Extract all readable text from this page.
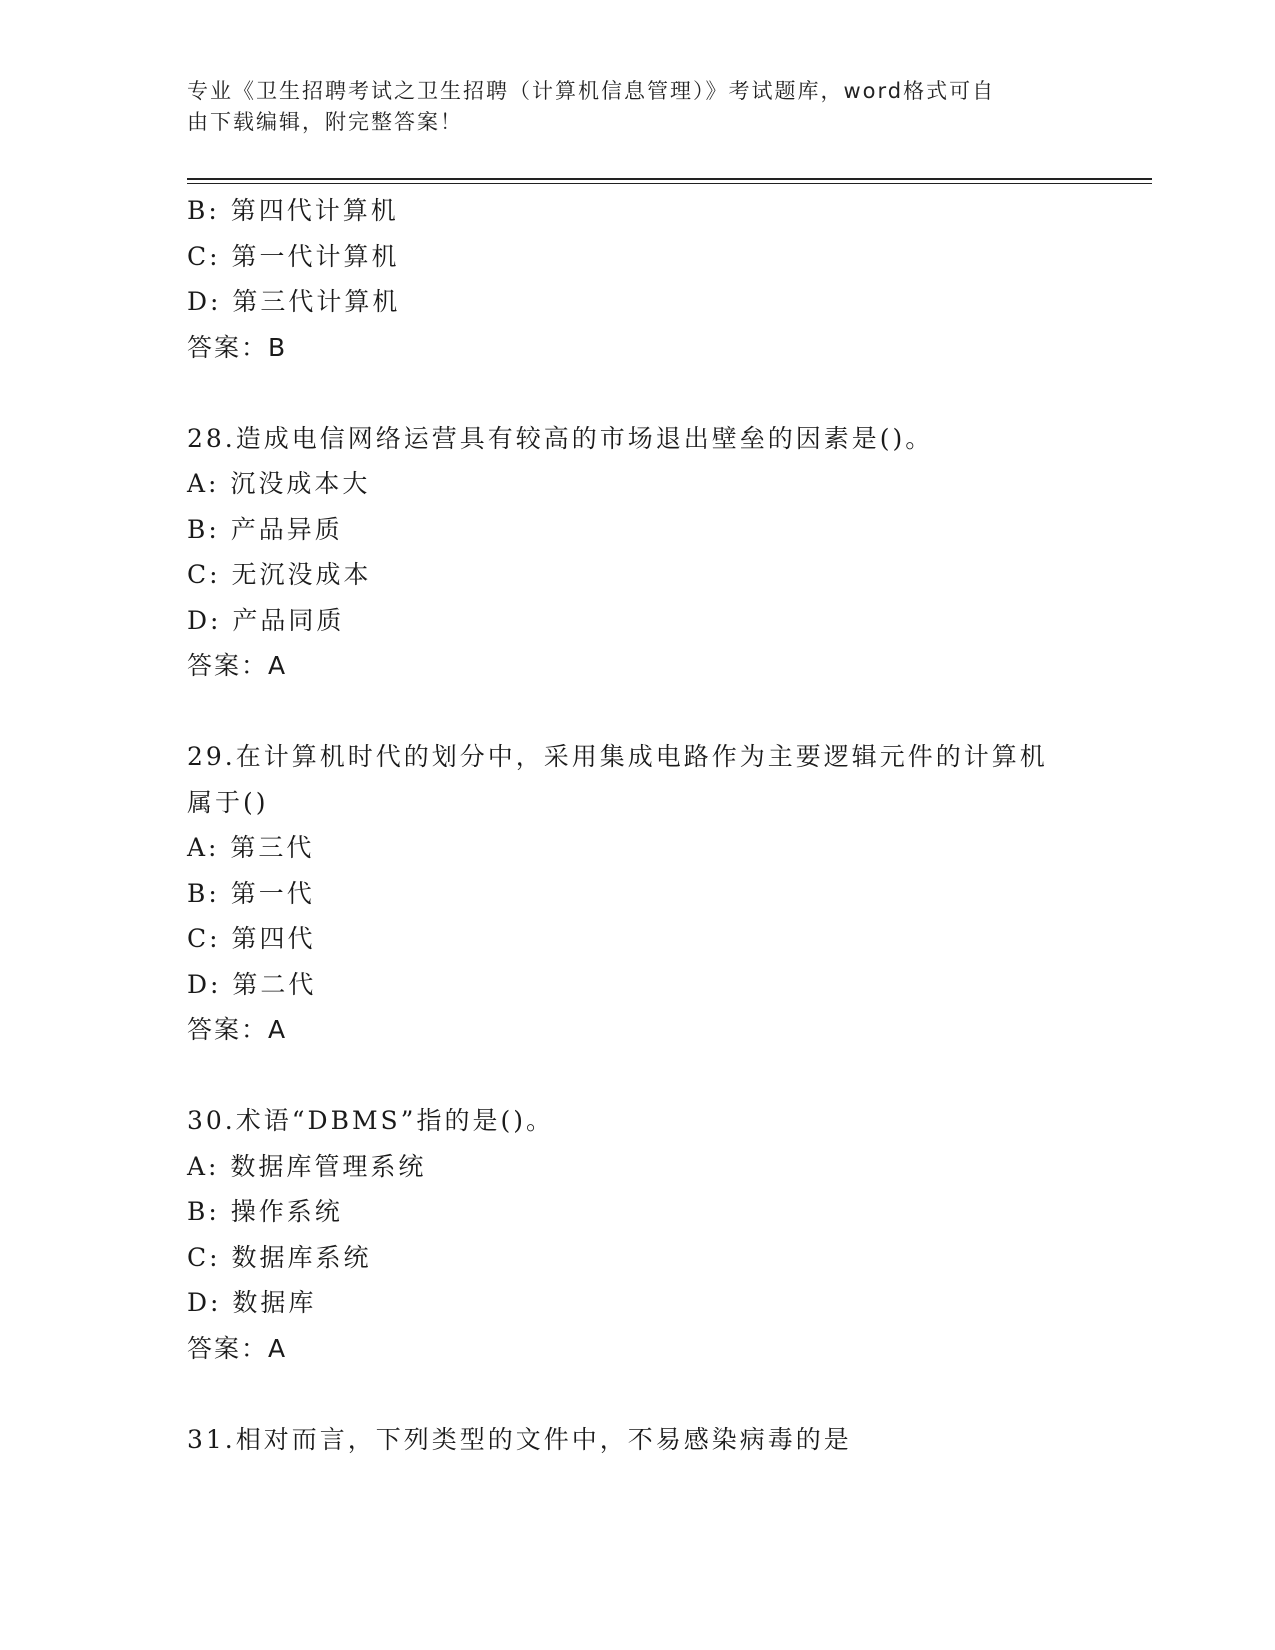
专业《卫生招聘考试之卫生招聘（计算机信息管理）》考试题库，word格式可自
由下载编辑，附完整答案！
B: 第四代计算机
C: 第一代计算机
D: 第三代计算机
答案：B
28.造成电信网络运营具有较高的市场退出壁垒的因素是()。
A: 沉没成本大
B: 产品异质
C: 无沉没成本
D: 产品同质
答案：A
29.在计算机时代的划分中，采用集成电路作为主要逻辑元件的计算机
属于()
A: 第三代
B: 第一代
C: 第四代
D: 第二代
答案：A
30.术语“DBMS”指的是()。
A: 数据库管理系统
B: 操作系统
C: 数据库系统
D: 数据库
答案：A
31.相对而言，下列类型的文件中，不易感染病毒的是
